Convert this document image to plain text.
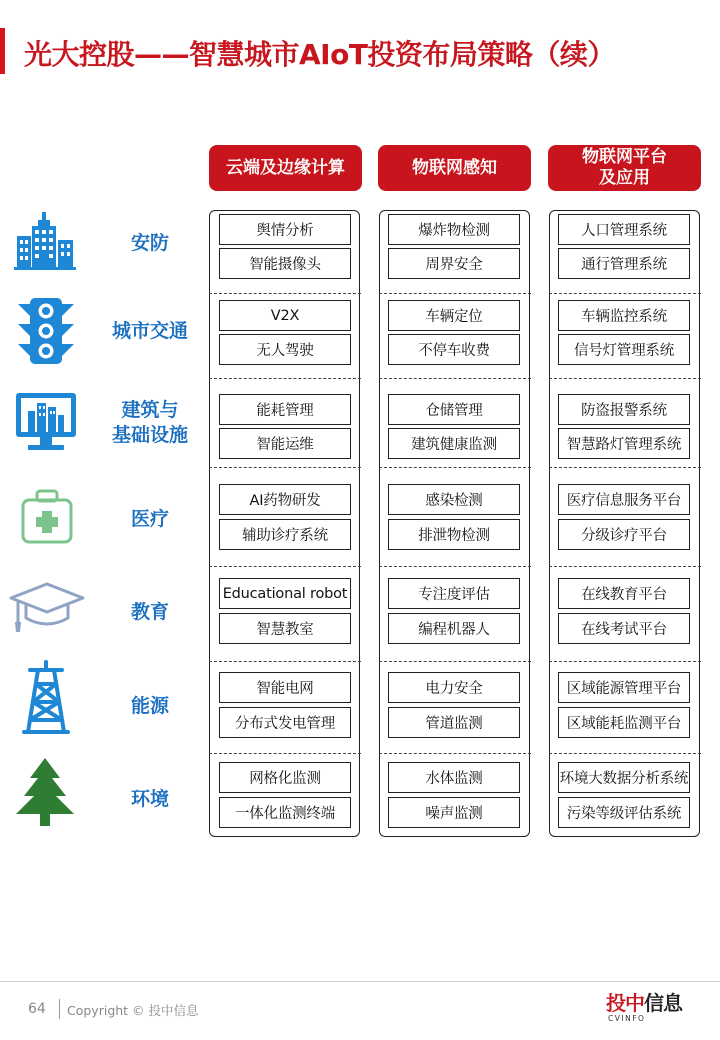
光大控股——智慧城市AIoT投资布局策略（续）
云端及边缘计算	物联网感知
物联网平台
及应用
舆情分析
智能摄像头
爆炸物检测
周界安全
人口管理系统
通行管理系统
V2X
无人驾驶
车辆定位
不停车收费
车辆监控系统
信号灯管理系统
能耗管理
智能运维
仓储管理
建筑健康监测
防盗报警系统
智慧路灯管理系统
AI药物研发
辅助诊疗系统
感染检测
排泄物检测
医疗信息服务平台
分级诊疗平台
Educational robot
智慧教室
专注度评估
编程机器人
在线教育平台
在线考试平台
智能电网
分布式发电管理
电力安全
管道监测
区域能源管理平台
区域能耗监测平台
网格化监测
一体化监测终端
水体监测
噪声监测
环境大数据分析系统
污染等级评估系统
安防
城市交通
建筑与
基础设施
医疗
教育
能源
环境
64 Copyright © 投中信息	投中信息
CVINFO
